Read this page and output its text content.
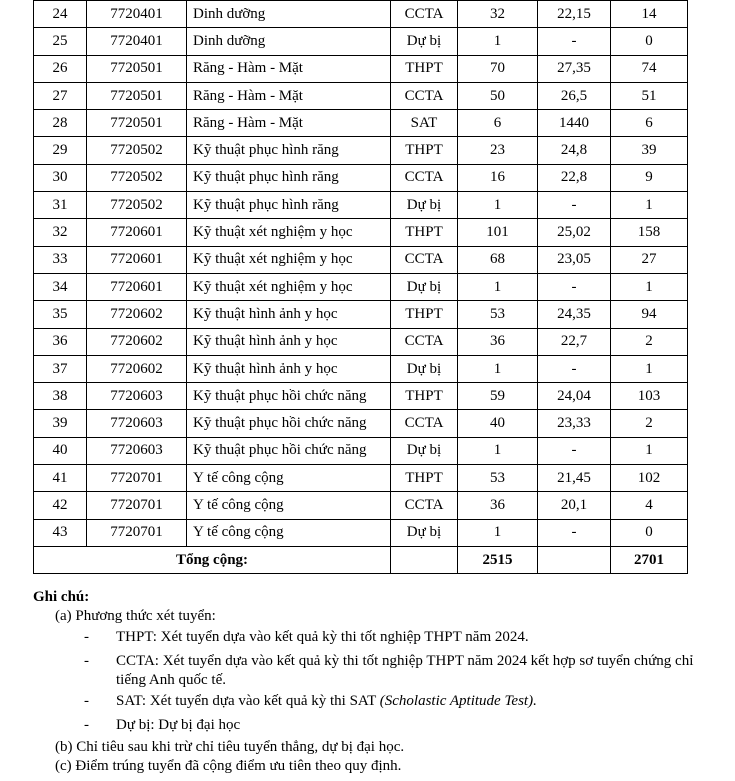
24	7720401	Dinh dưỡng	CCTA	32	22,15	14
25	7720401	Dinh dưỡng	Dự bị	1	-	0
26	7720501	Răng - Hàm - Mặt	THPT	70	27,35	74
27	7720501	Răng - Hàm - Mặt	CCTA	50	26,5	51
28	7720501	Răng - Hàm - Mặt	SAT	6	1440	6
29	7720502	Kỹ thuật phục hình răng	THPT	23	24,8	39
30	7720502	Kỹ thuật phục hình răng	CCTA	16	22,8	9
31	7720502	Kỹ thuật phục hình răng	Dự bị	1	-	1
32	7720601	Kỹ thuật xét nghiệm y học	THPT	101	25,02	158
33	7720601	Kỹ thuật xét nghiệm y học	CCTA	68	23,05	27
34	7720601	Kỹ thuật xét nghiệm y học	Dự bị	1	-	1
35	7720602	Kỹ thuật hình ảnh y học	THPT	53	24,35	94
36	7720602	Kỹ thuật hình ảnh y học	CCTA	36	22,7	2
37	7720602	Kỹ thuật hình ảnh y học	Dự bị	1	-	1
38	7720603	Kỹ thuật phục hồi chức năng	THPT	59	24,04	103
39	7720603	Kỹ thuật phục hồi chức năng	CCTA	40	23,33	2
40	7720603	Kỹ thuật phục hồi chức năng	Dự bị	1	-	1
41	7720701	Y tế công cộng	THPT	53	21,45	102
42	7720701	Y tế công cộng	CCTA	36	20,1	4
43	7720701	Y tế công cộng	Dự bị	1	-	0
Tổng cộng:				2515		2701
Ghi chú:
(a) Phương thức xét tuyển:
- THPT: Xét tuyển dựa vào kết quả kỳ thi tốt nghiệp THPT năm 2024.
- CCTA: Xét tuyển dựa vào kết quả kỳ thi tốt nghiệp THPT năm 2024 kết hợp sơ tuyển chứng chỉ tiếng Anh quốc tế.
- SAT: Xét tuyển dựa vào kết quả kỳ thi SAT (Scholastic Aptitude Test).
- Dự bị: Dự bị đại học
(b) Chỉ tiêu sau khi trừ chỉ tiêu tuyển thẳng, dự bị đại học.
(c) Điểm trúng tuyển đã cộng điểm ưu tiên theo quy định.
